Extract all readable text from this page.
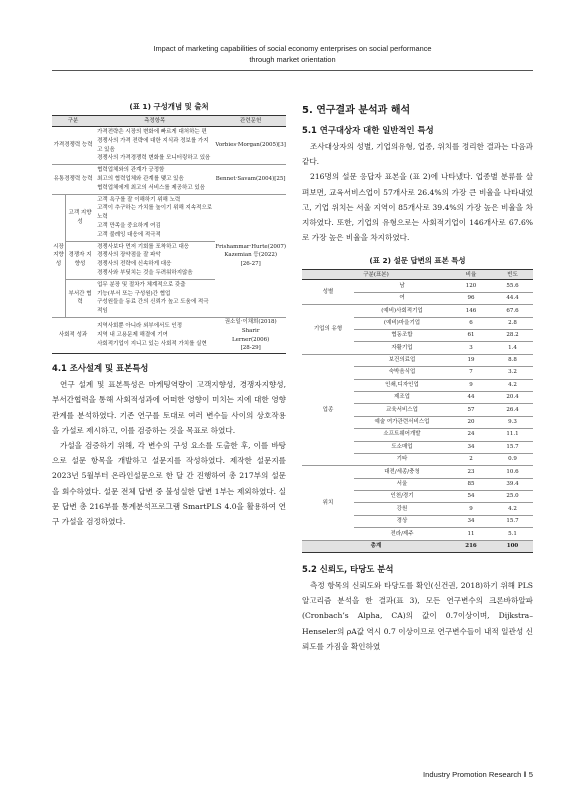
Impact of marketing capabilities of social economy enterprises on social performance
through market orientation
(표 1) 구성개념 및 출처
구분		측정항목	관련문헌
가격경쟁력 능력		가격전략은 시장의 변화에 빠르게 대처하는 편
경쟁사의 가격 전략에 대한 지식과 정보를 가지고 있음
경쟁사의 가격경쟁력 변화를 모니터링하고 있음	Vorbies·Morgan(2005)[3]
유통경쟁력 능력		협력업체와의 관계가 긍정함
최고의 협력업체와 관계를 맺고 있음
협력업체에게 최고의 서비스를 제공하고 있음	Bennet·Savam(2004)[25]
시장지향성	고객 지향성	고객 욕구를 잘 이해하기 위해 노력
고객이 추구하는 가치를 높이기 위해 지속적으로 노력
고객 만족을 중요하게 여김
고객 불례잉 대응에 적극적	Frishammar·Hurte(2007)
Kazemian 등(2022)
[26-27]
	경쟁자 지향성	경쟁사보다 먼저 기회를 포착하고 대응
경쟁사의 장약점을 잘 파악
경쟁사의 전략에 신속하게 대응
경쟁사와 부딪치는 것을 두려워하지않음	
	부서간 협력	업무 분장 및 절차가 체계적으로 갖춤
기능(부서 또는 구성원)간 협업
구성원들을 동료 간의 신뢰가 높고 도움에 적극적임	
사회적 성과		지역사회뿐 아니라 외부에서도 인정
지역 내 고용문제 해결에 기여
사회적기업이 지니고 있는 사회적 가치를 실현	권소일·이채희(2018)
Sharir
Lerner(2006)
[28-29]
4.1 조사설계 및 표본특성
연구 설계 및 표본특성은 마케팅역량이 고객지향성, 경쟁자지향성, 부서간협력을 통해 사회적성과에 어떠한 영향이 미치는 지에 대한 영향 관계를 분석하였다. 기존 연구를 토대로 여러 변수들 사이의 상호작용을 가설로 제시하고, 이를 검증하는 것을 목표로 하였다.
가설을 검증하기 위해, 각 변수의 구성 요소를 도출한 후, 이를 바탕으로 설문 항목을 개발하고 설문지를 작성하였다. 제작한 설문지를 2023년 5월부터 온라인설문으로 한 달 간 진행하여 총 217부의 설문을 회수하였다. 설문 전체 답변 중 불성실한 답변 1부는 제외하였다. 실문 답변 총 216부를 통계분석프로그램 SmartPLS 4.0을 활용하여 연구 가설을 검정하였다.
5. 연구결과 분석과 해석
5.1 연구대상자 대한 일반적인 특성
조사대상자의 성별, 기업의유형, 업종, 위치를 정리한 결과는 다음과 같다.
216명의 설문 응답자 표본을 (표 2)에 나타냈다. 업종별 분류를 살펴보면, 교육서비스업이 57개사로 26.4%의 가장 큰 비율을 나타내었고, 기업 위치는 서울 지역이 85개사로 39.4%의 가장 높은 비율을 차지하였다. 또한, 기업의 유형으로는 사회적기업이 146개사로 67.6%로 가장 높은 비율을 차지하였다.
(표 2) 설문 답변의 표본 특성
구분(표본)		비율	빈도
성별	남	120	55.6
	여	96	44.4
기업의 유형	(예비)사회적기업	146	67.6
	(예비)마을기업	6	2.8
	협동조합	61	28.2
	자활기업	3	1.4
업종	보건의료업	19	8.8
	숙박음식업	7	3.2
	인쇄,디자인업	9	4.2
	제조업	44	20.4
	교육서비스업	57	26.4
	예술 여가관련서비스업	20	9.3
	소프트웨어개발	24	11.1
	도소매업	34	15.7
	기타	2	0.9
위치	대전/세종/충청	23	10.6
	서울	85	39.4
	인천/경기	54	25.0
	강원	9	4.2
	경상	34	15.7
	전라/제주	11	5.1
총계		216	100
5.2 신뢰도, 타당도 분석
측정 항목의 신뢰도와 타당도를 확인(신건권, 2018)하기 위해 PLS알고리즘 분석을 한 결과(표 3), 모든 연구변수의 크론바하알파(Cronbach’s Alpha, CA)의 값이 0.7이상이며, Dijkstra–Henseler의 ρA값 역시 0.7 이상이므로 연구변수들이 내적 일관성 신뢰도를 가짐을 확인하였
Industry Promotion Research ‖ 5
